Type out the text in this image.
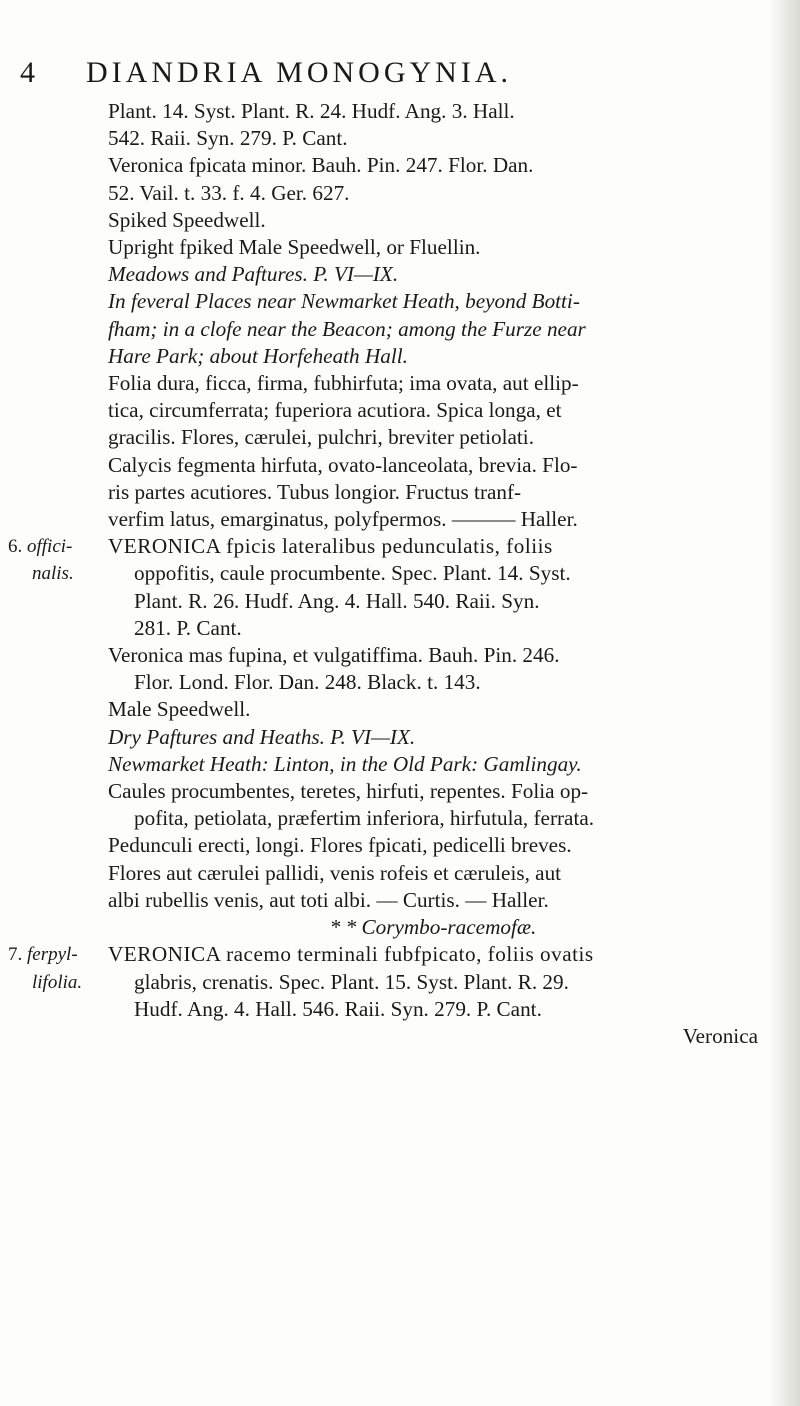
4 DIANDRIA MONOGYNIA.

Plant. 14. Syst. Plant. R. 24. Hudf. Ang. 3. Hall.

542. Raii. Syn. 279. P. Cant.

Veronica fpicata minor. Bauh. Pin. 247. Flor. Dan.

52. Vail. t. 33. f. 4. Ger. 627.

Spiked Speedwell.

Upright fpiked Male Speedwell, or Fluellin.

Meadows and Paftures. P. VI—IX.

In feveral Places near Newmarket Heath, beyond Botti-

fham; in a clofe near the Beacon; among the Furze near

Hare Park; about Horfeheath Hall.

Folia dura, ficca, firma, fubhirfuta; ima ovata, aut ellip-

tica, circumferrata; fuperiora acutiora. Spica longa, et

gracilis. Flores, cærulei, pulchri, breviter petiolati.

Calycis fegmenta hirfuta, ovato-lanceolata, brevia. Flo-

ris partes acutiores. Tubus longior. Fructus tranf-

verfim latus, emarginatus, polyfpermos. ——— Haller.

6. offici-
nalis.

VERONICA fpicis lateralibus pedunculatis, foliis

oppofitis, caule procumbente. Spec. Plant. 14. Syst.

Plant. R. 26. Hudf. Ang. 4. Hall. 540. Raii. Syn.

281. P. Cant.

Veronica mas fupina, et vulgatiffima. Bauh. Pin. 246.

Flor. Lond. Flor. Dan. 248. Black. t. 143.

Male Speedwell.

Dry Paftures and Heaths. P. VI—IX.

Newmarket Heath: Linton, in the Old Park: Gamlingay.

Caules procumbentes, teretes, hirfuti, repentes. Folia op-

pofita, petiolata, præfertim inferiora, hirfutula, ferrata.

Pedunculi erecti, longi. Flores fpicati, pedicelli breves.

Flores aut cærulei pallidi, venis rofeis et cæruleis, aut

albi rubellis venis, aut toti albi. — Curtis. — Haller.

* * Corymbo-racemofæ.

7. ferpyl-
lifolia.

VERONICA racemo terminali fubfpicato, foliis ovatis

glabris, crenatis. Spec. Plant. 15. Syst. Plant. R. 29.

Hudf. Ang. 4. Hall. 546. Raii. Syn. 279. P. Cant.

Veronica
